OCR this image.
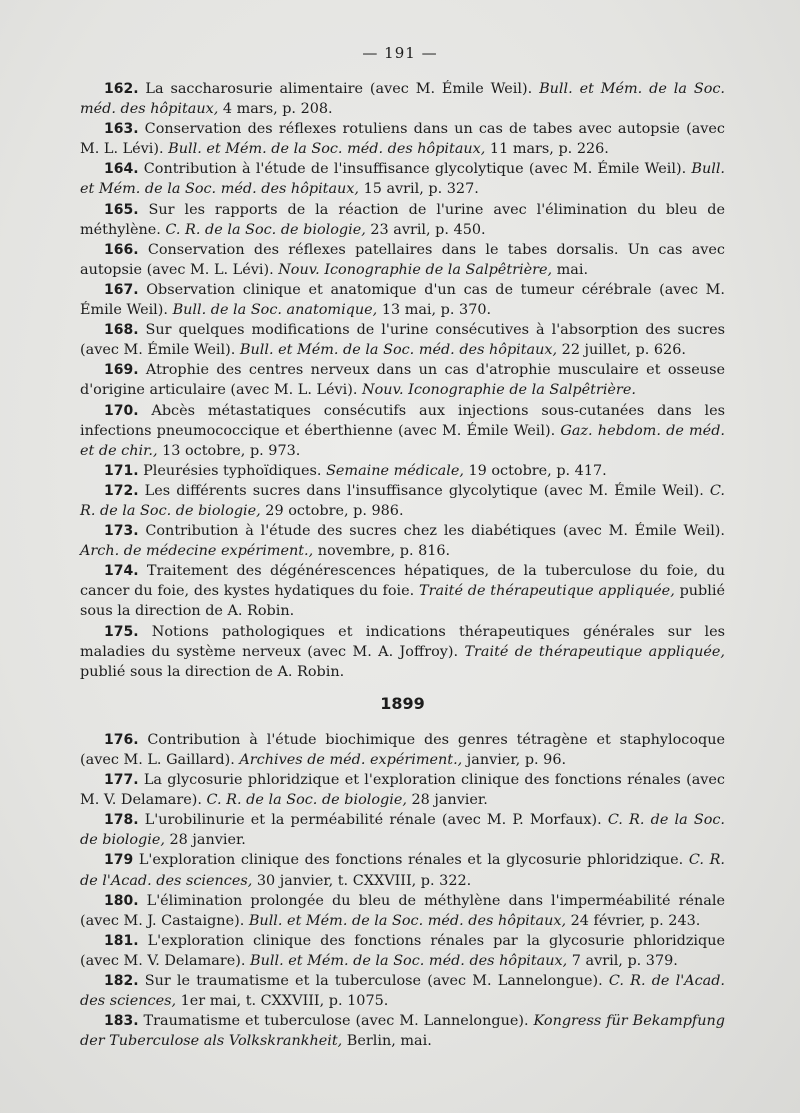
— 191 —

162. La saccharosurie alimentaire (avec M. Émile Weil). Bull. et Mém. de la Soc. méd. des hôpitaux, 4 mars, p. 208.

163. Conservation des réflexes rotuliens dans un cas de tabes avec autopsie (avec M. L. Lévi). Bull. et Mém. de la Soc. méd. des hôpitaux, 11 mars, p. 226.

164. Contribution à l'étude de l'insuffisance glycolytique (avec M. Émile Weil). Bull. et Mém. de la Soc. méd. des hôpitaux, 15 avril, p. 327.

165. Sur les rapports de la réaction de l'urine avec l'élimination du bleu de méthylène. C. R. de la Soc. de biologie, 23 avril, p. 450.

166. Conservation des réflexes patellaires dans le tabes dorsalis. Un cas avec autopsie (avec M. L. Lévi). Nouv. Iconographie de la Salpêtrière, mai.

167. Observation clinique et anatomique d'un cas de tumeur cérébrale (avec M. Émile Weil). Bull. de la Soc. anatomique, 13 mai, p. 370.

168. Sur quelques modifications de l'urine consécutives à l'absorption des sucres (avec M. Émile Weil). Bull. et Mém. de la Soc. méd. des hôpitaux, 22 juillet, p. 626.

169. Atrophie des centres nerveux dans un cas d'atrophie musculaire et osseuse d'origine articulaire (avec M. L. Lévi). Nouv. Iconographie de la Salpêtrière.

170. Abcès métastatiques consécutifs aux injections sous-cutanées dans les infections pneumococcique et éberthienne (avec M. Émile Weil). Gaz. hebdom. de méd. et de chir., 13 octobre, p. 973.

171. Pleurésies typhoïdiques. Semaine médicale, 19 octobre, p. 417.

172. Les différents sucres dans l'insuffisance glycolytique (avec M. Émile Weil). C. R. de la Soc. de biologie, 29 octobre, p. 986.

173. Contribution à l'étude des sucres chez les diabétiques (avec M. Émile Weil). Arch. de médecine expériment., novembre, p. 816.

174. Traitement des dégénérescences hépatiques, de la tuberculose du foie, du cancer du foie, des kystes hydatiques du foie. Traité de thérapeutique appliquée, publié sous la direction de A. Robin.

175. Notions pathologiques et indications thérapeutiques générales sur les maladies du système nerveux (avec M. A. Joffroy). Traité de thérapeutique appliquée, publié sous la direction de A. Robin.

1899

176. Contribution à l'étude biochimique des genres tétragène et staphylocoque (avec M. L. Gaillard). Archives de méd. expériment., janvier, p. 96.

177. La glycosurie phloridzique et l'exploration clinique des fonctions rénales (avec M. V. Delamare). C. R. de la Soc. de biologie, 28 janvier.

178. L'urobilinurie et la perméabilité rénale (avec M. P. Morfaux). C. R. de la Soc. de biologie, 28 janvier.

179 L'exploration clinique des fonctions rénales et la glycosurie phloridzique. C. R. de l'Acad. des sciences, 30 janvier, t. CXXVIII, p. 322.

180. L'élimination prolongée du bleu de méthylène dans l'imperméabilité rénale (avec M. J. Castaigne). Bull. et Mém. de la Soc. méd. des hôpitaux, 24 février, p. 243.

181. L'exploration clinique des fonctions rénales par la glycosurie phloridzique (avec M. V. Delamare). Bull. et Mém. de la Soc. méd. des hôpitaux, 7 avril, p. 379.

182. Sur le traumatisme et la tuberculose (avec M. Lannelongue). C. R. de l'Acad. des sciences, 1er mai, t. CXXVIII, p. 1075.

183. Traumatisme et tuberculose (avec M. Lannelongue). Kongress für Bekampfung der Tuberculose als Volkskrankheit, Berlin, mai.
